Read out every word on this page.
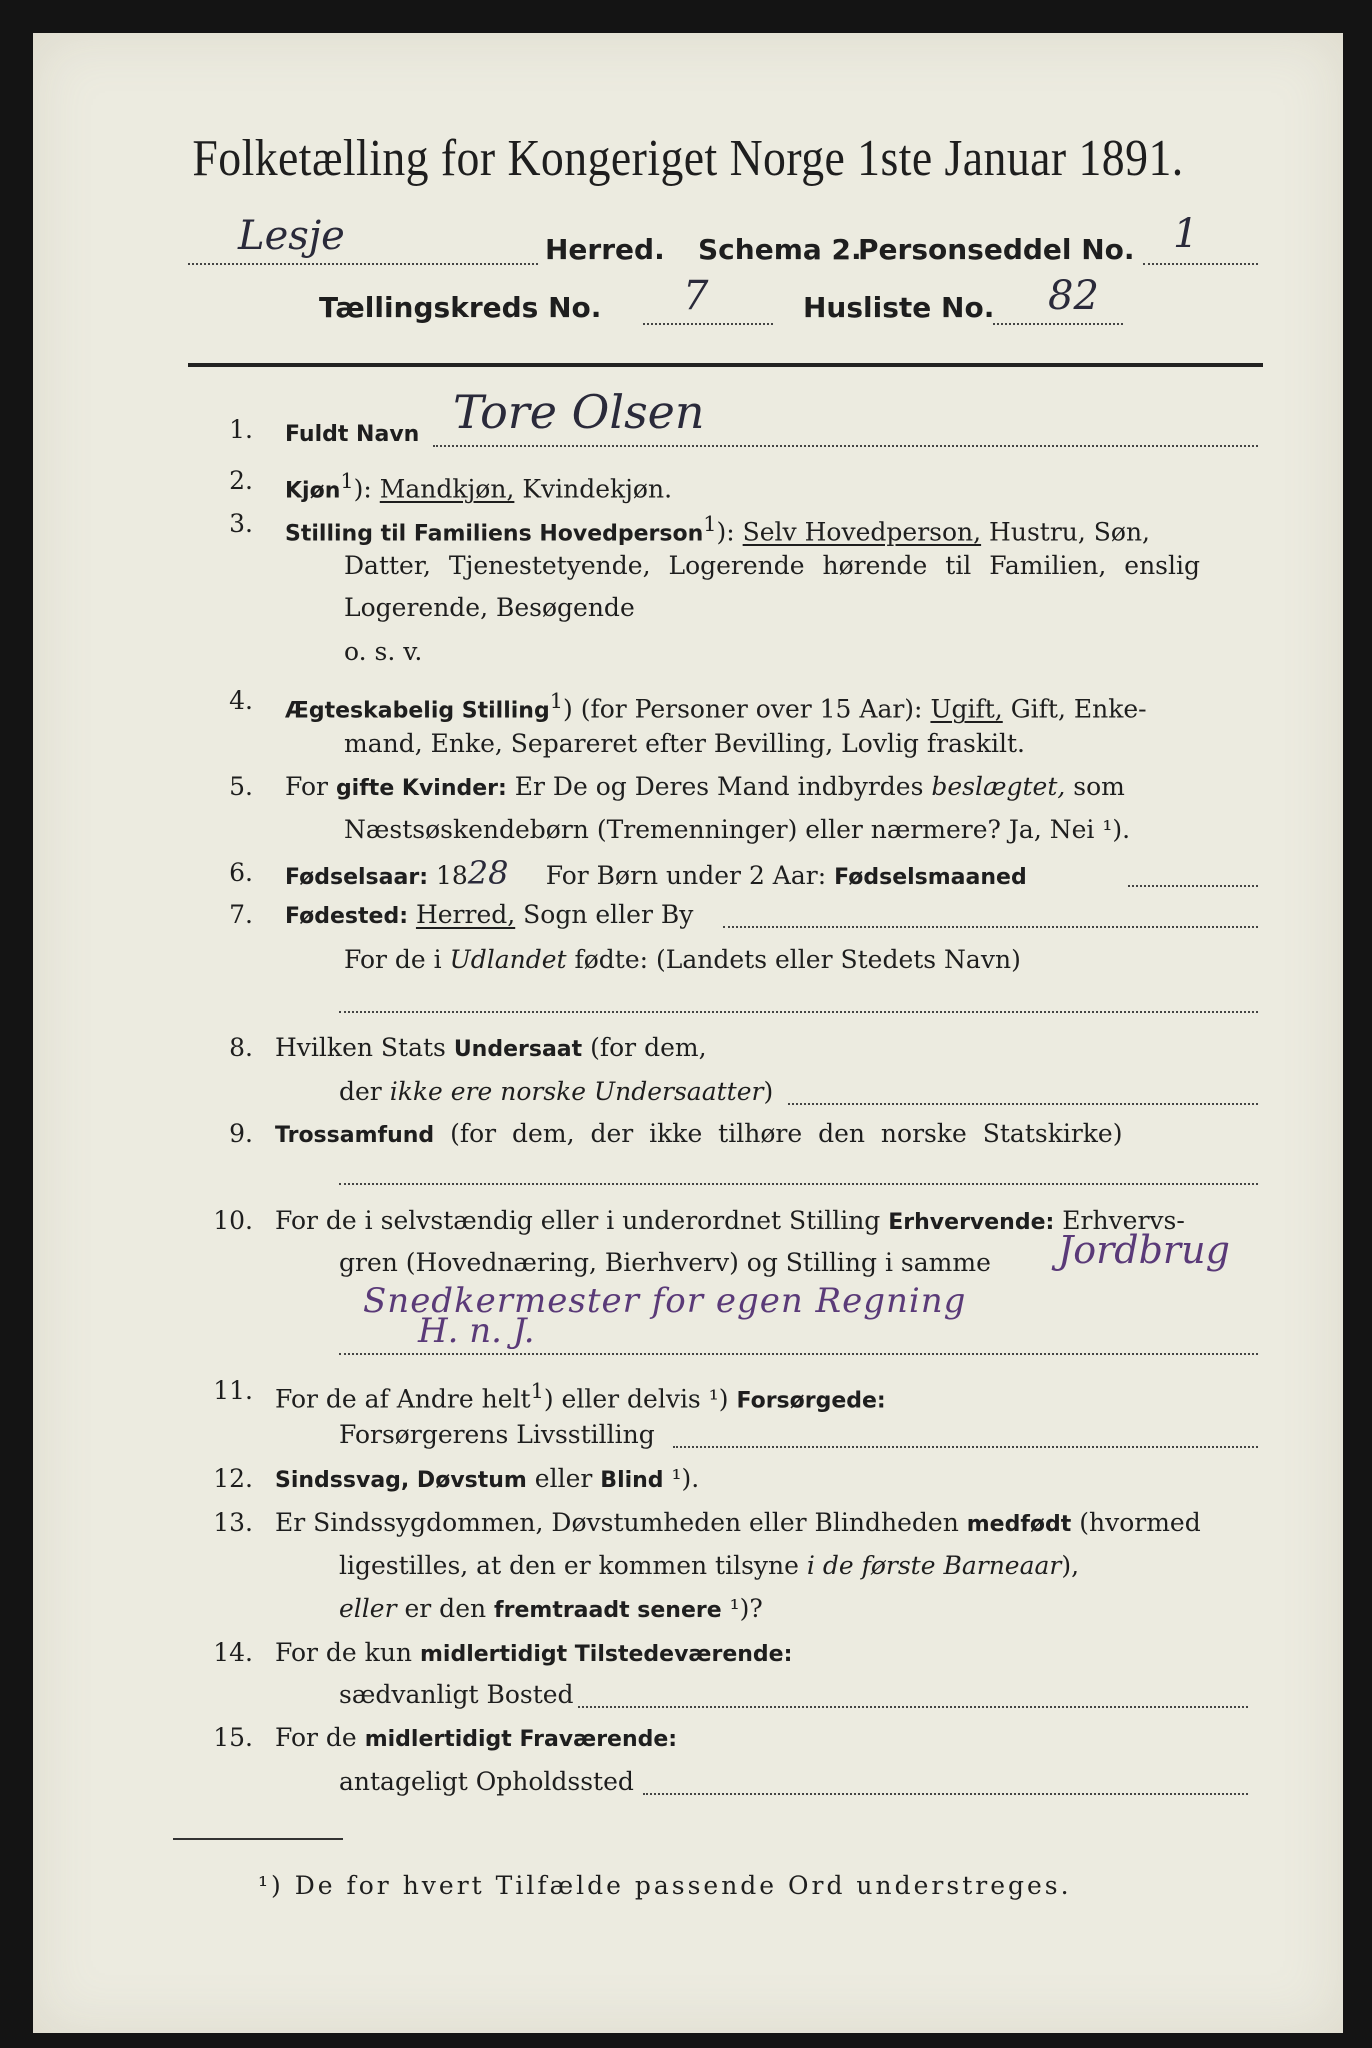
Folketælling for Kongeriget Norge 1ste Januar 1891.
Lesje	Herred. Schema 2.
Personseddel No. 1
Tællingskreds No. 7	Husliste No. 82
1. Fuldt Navn Tore Olsen
2. Kjøn$^1$): Mandkjøn, Kvindekjøn.
3. Stilling til Familiens Hovedperson$^1$): Selv Hovedperson, Hustru, Søn,
Datter, Tjenestetyende, Logerende hørende til Familien, enslig
Logerende, Besøgende
o. s. v.
4. Ægteskabelig Stilling$^1$) (for Personer over 15 Aar): Ugift, Gift, Enke-
mand, Enke, Separeret efter Bevilling, Lovlig fraskilt.
5. For gifte Kvinder: Er De og Deres Mand indbyrdes beslægtet, som
Næstsøskendebørn (Tremenninger) eller nærmere? Ja, Nei ¹).
6. Fødselsaar: 1828 For Børn under 2 Aar: Fødselsmaaned
7. Fødested: Herred, Sogn eller By
For de i Udlandet fødte: (Landets eller Stedets Navn)
8. Hvilken Stats Undersaat (for dem,
der ikke ere norske Undersaatter)
9. Trossamfund (for dem, der ikke tilhøre den norske Statskirke)
10. For de i selvstændig eller i underordnet Stilling Erhvervende: Erhvervs-
gren (Hovednæring, Bierhverv) og Stilling i samme Jordbrug
Snedkermester for egen Regning
H. n. J.
11. For de af Andre helt$^1$) eller delvis ¹) Forsørgede:
Forsørgerens Livsstilling
12. Sindssvag, Døvstum eller Blind ¹).
13. Er Sindssygdommen, Døvstumheden eller Blindheden medfødt (hvormed
ligestilles, at den er kommen tilsyne i de første Barneaar),
eller er den fremtraadt senere ¹)?
14. For de kun midlertidigt Tilstedeværende:
sædvanligt Bosted
15. For de midlertidigt Fraværende:
antageligt Opholdssted
¹) De for hvert Tilfælde passende Ord understreges.
